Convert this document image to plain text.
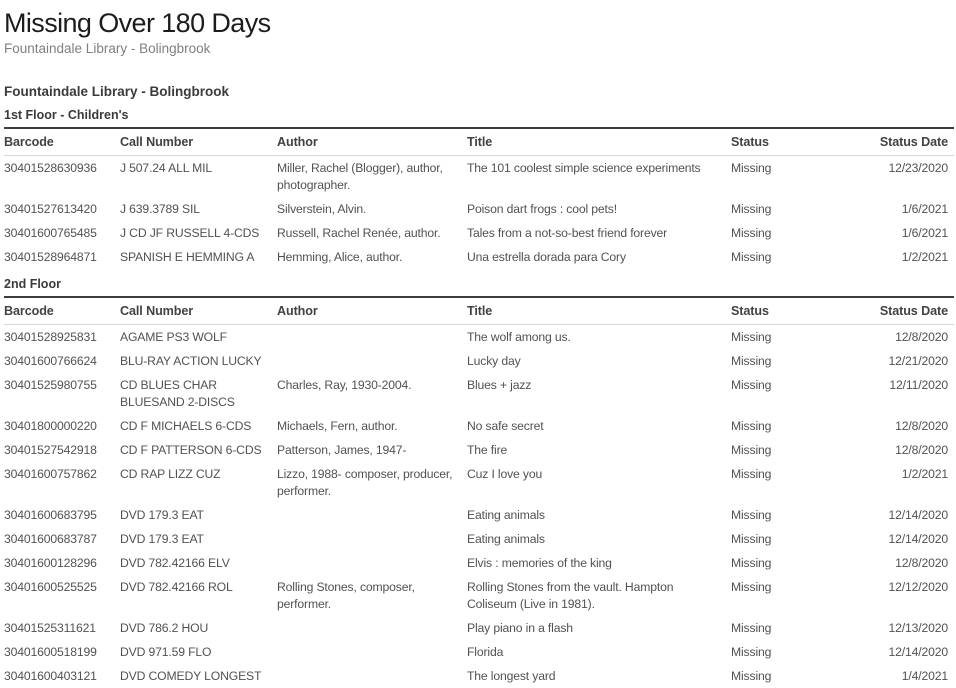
Missing Over 180 Days
Fountaindale Library - Bolingbrook
Fountaindale Library - Bolingbrook
1st Floor - Children's
Barcode	Call Number	Author	Title	Status	Status Date
30401528630936	J 507.24 ALL MIL	Miller, Rachel (Blogger), author, photographer.	The 101 coolest simple science experiments	Missing	12/23/2020
30401527613420	J 639.3789 SIL	Silverstein, Alvin.	Poison dart frogs : cool pets!	Missing	1/6/2021
30401600765485	J CD JF RUSSELL 4-CDS	Russell, Rachel Renée, author.	Tales from a not-so-best friend forever	Missing	1/6/2021
30401528964871	SPANISH E HEMMING A	Hemming, Alice, author.	Una estrella dorada para Cory	Missing	1/2/2021
2nd Floor
Barcode	Call Number	Author	Title	Status	Status Date
30401528925831	AGAME PS3 WOLF		The wolf among us.	Missing	12/8/2020
30401600766624	BLU-RAY ACTION LUCKY		Lucky day	Missing	12/21/2020
30401525980755	CD BLUES CHAR BLUESAND 2-DISCS	Charles, Ray, 1930-2004.	Blues + jazz	Missing	12/11/2020
30401800000220	CD F MICHAELS 6-CDS	Michaels, Fern, author.	No safe secret	Missing	12/8/2020
30401527542918	CD F PATTERSON 6-CDS	Patterson, James, 1947-	The fire	Missing	12/8/2020
30401600757862	CD RAP LIZZ CUZ	Lizzo, 1988- composer, producer, performer.	Cuz I love you	Missing	1/2/2021
30401600683795	DVD 179.3 EAT		Eating animals	Missing	12/14/2020
30401600683787	DVD 179.3 EAT		Eating animals	Missing	12/14/2020
30401600128296	DVD 782.42166 ELV		Elvis : memories of the king	Missing	12/8/2020
30401600525525	DVD 782.42166 ROL	Rolling Stones, composer, performer.	Rolling Stones from the vault. Hampton Coliseum (Live in 1981).	Missing	12/12/2020
30401525311621	DVD 786.2 HOU		Play piano in a flash	Missing	12/13/2020
30401600518199	DVD 971.59 FLO		Florida	Missing	12/14/2020
30401600403121	DVD COMEDY LONGEST		The longest yard	Missing	1/4/2021
